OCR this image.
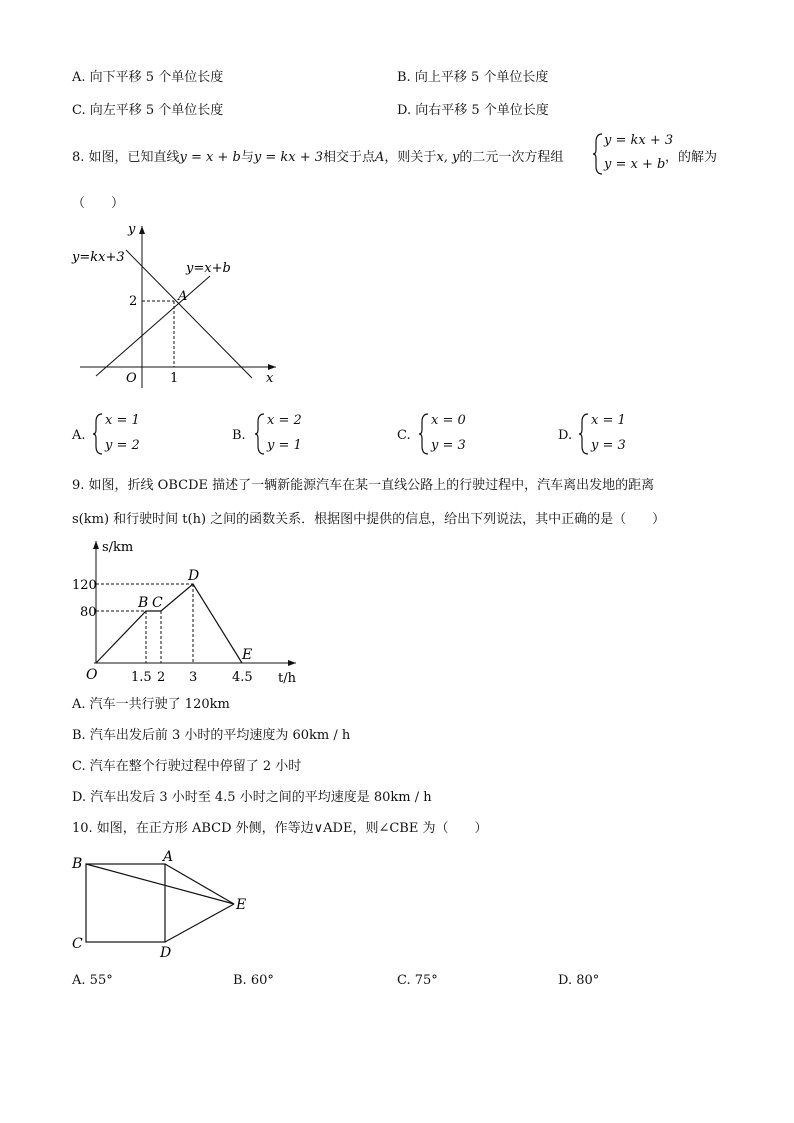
A. 向下平移 5 个单位长度	B. 向上平移 5 个单位长度
C. 向左平移 5 个单位长度	D. 向右平移 5 个单位长度
8. 如图，已知直线y = x + b与y = kx + 3相交于点A，则关于x, y的二元一次方程组
y = kx + 3
y = x + b ，的解为
（　　）
y=kx+3
y=x+b
y
x
O
A
2
1
A.
x = 1
y = 2
B.
x = 2
y = 1
C.
x = 0
y = 3
D.
x = 1
y = 3
9. 如图，折线 OBCDE 描述了一辆新能源汽车在某一直线公路上的行驶过程中，汽车离出发地的距离
s(km) 和行驶时间 t(h) 之间的函数关系．根据图中提供的信息，给出下列说法，其中正确的是（　　）
s/km
t/h
O
B C
D
E
120
80
1.5 2 3	4.5
A. 汽车一共行驶了 120km
B. 汽车出发后前 3 小时的平均速度为 60km / h
C. 汽车在整个行驶过程中停留了 2 小时
D. 汽车出发后 3 小时至 4.5 小时之间的平均速度是 80km / h
10. 如图，在正方形 ABCD 外侧，作等边∨ADE，则∠CBE 为（　　）
B	A
C
D
E
A. 55°	B. 60°	C. 75°	D. 80°
